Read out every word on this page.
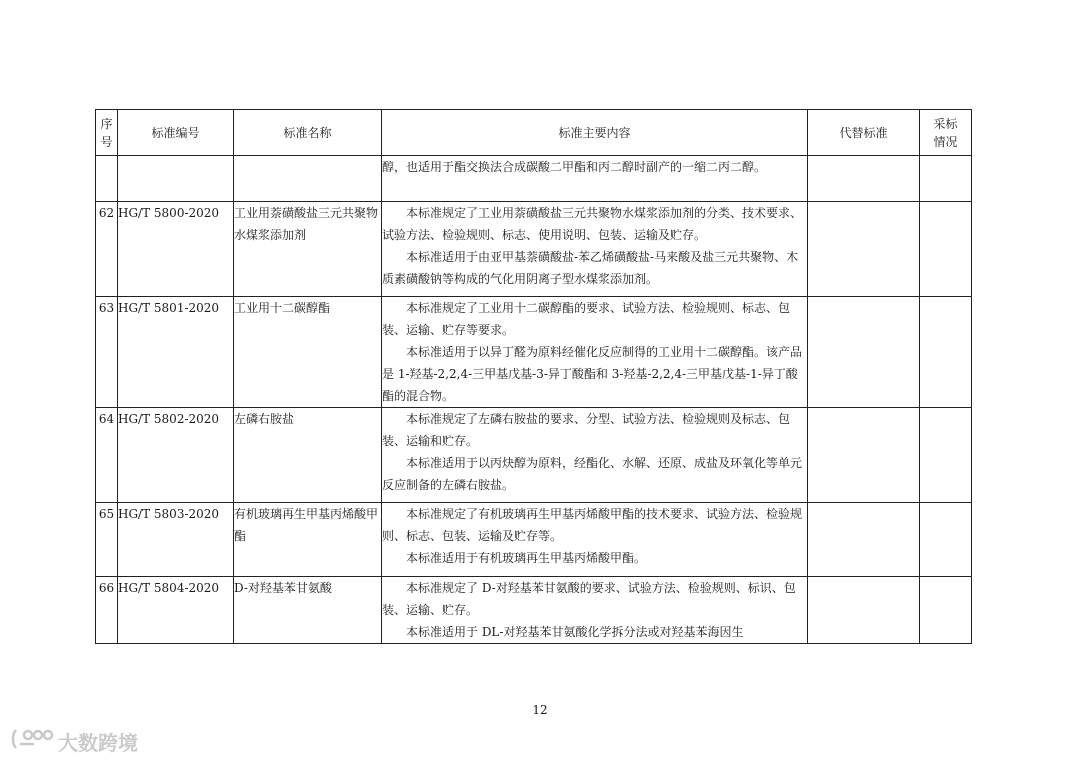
序号	标准编号	标准名称	标准主要内容	代替标准	采标情况

			醇，也适用于酯交换法合成碳酸二甲酯和丙二醇时副产的一缩二丙二醇。		

62	HG/T 5800-2020	工业用萘磺酸盐三元共聚物水煤浆添加剂	本标准规定了工业用萘磺酸盐三元共聚物水煤浆添加剂的分类、技术要求、试验方法、检验规则、标志、使用说明、包装、运输及贮存。
本标准适用于由亚甲基萘磺酸盐-苯乙烯磺酸盐-马来酸及盐三元共聚物、木质素磺酸钠等构成的气化用阴离子型水煤浆添加剂。		

63	HG/T 5801-2020	工业用十二碳醇酯	本标准规定了工业用十二碳醇酯的要求、试验方法、检验规则、标志、包装、运输、贮存等要求。
本标准适用于以异丁醛为原料经催化反应制得的工业用十二碳醇酯。该产品是 1-羟基-2,2,4-三甲基戊基-3-异丁酸酯和 3-羟基-2,2,4-三甲基戊基-1-异丁酸酯的混合物。		

64	HG/T 5802-2020	左磷右胺盐	本标准规定了左磷右胺盐的要求、分型、试验方法、检验规则及标志、包装、运输和贮存。
本标准适用于以丙炔醇为原料，经酯化、水解、还原、成盐及环氧化等单元反应制备的左磷右胺盐。		

65	HG/T 5803-2020	有机玻璃再生甲基丙烯酸甲酯	本标准规定了有机玻璃再生甲基丙烯酸甲酯的技术要求、试验方法、检验规则、标志、包装、运输及贮存等。
本标准适用于有机玻璃再生甲基丙烯酸甲酯。		

66	HG/T 5804-2020	D-对羟基苯甘氨酸	本标准规定了 D-对羟基苯甘氨酸的要求、试验方法、检验规则、标识、包装、运输、贮存。
本标准适用于 DL-对羟基苯甘氨酸化学拆分法或对羟基苯海因生		

12
大数跨境
